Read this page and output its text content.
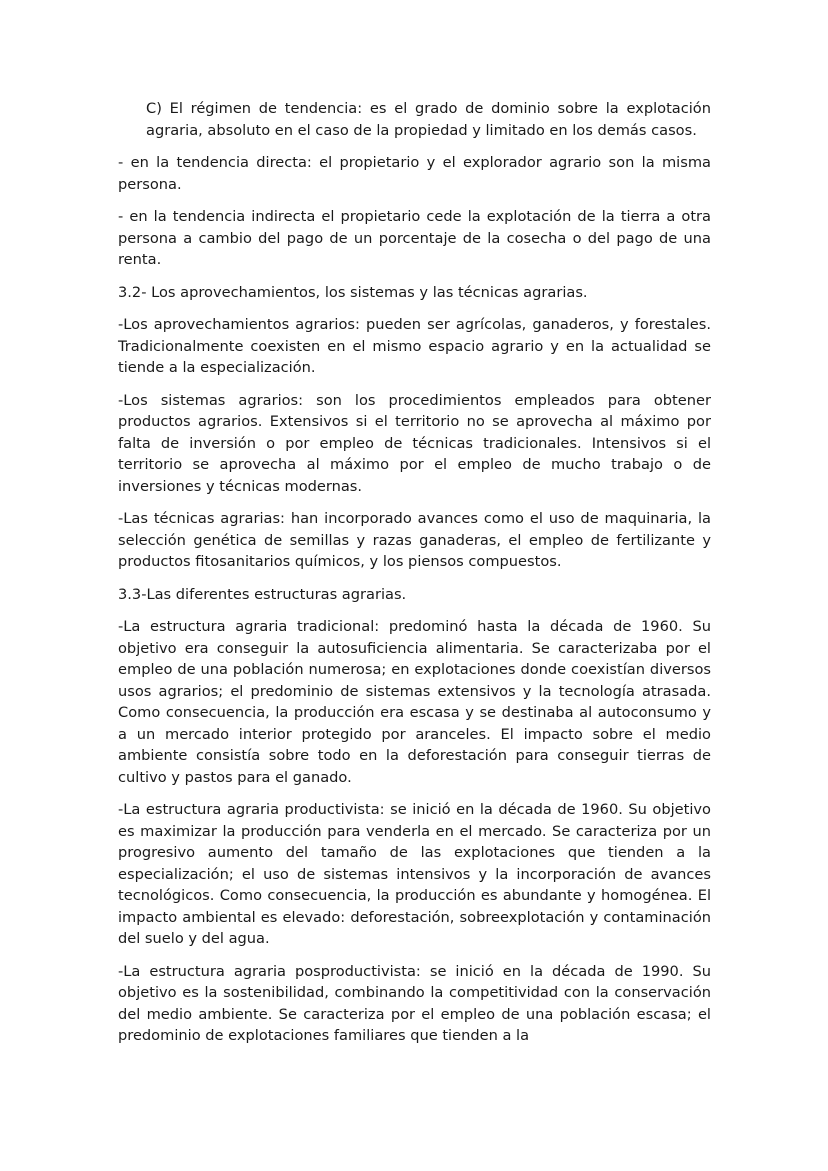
C) El régimen de tendencia: es el grado de dominio sobre la explotación agraria, absoluto en el caso de la propiedad y limitado en los demás casos.

- en la tendencia directa: el propietario y el explorador agrario son la misma persona.

- en la tendencia indirecta el propietario cede la explotación de la tierra a otra persona a cambio del pago de un porcentaje de la cosecha o del pago de una renta.

3.2- Los aprovechamientos, los sistemas y las técnicas agrarias.

-Los aprovechamientos agrarios: pueden ser agrícolas, ganaderos, y forestales. Tradicionalmente coexisten en el mismo espacio agrario y en la actualidad se tiende a la especialización.

-Los sistemas agrarios: son los procedimientos empleados para obtener productos agrarios. Extensivos si el territorio no se aprovecha al máximo por falta de inversión o por empleo de técnicas tradicionales. Intensivos si el territorio se aprovecha al máximo por el empleo de mucho trabajo o de inversiones y técnicas modernas.

-Las técnicas agrarias: han incorporado avances como el uso de maquinaria, la selección genética de semillas y razas ganaderas, el empleo de fertilizante y productos fitosanitarios químicos, y los piensos compuestos.

3.3-Las diferentes estructuras agrarias.

-La estructura agraria tradicional: predominó hasta la década de 1960. Su objetivo era conseguir la autosuficiencia alimentaria. Se caracterizaba por el empleo de una población numerosa; en explotaciones donde coexistían diversos usos agrarios; el predominio de sistemas extensivos y la tecnología atrasada. Como consecuencia, la producción era escasa y se destinaba al autoconsumo y a un mercado interior protegido por aranceles. El impacto sobre el medio ambiente consistía sobre todo en la deforestación para conseguir tierras de cultivo y pastos para el ganado.

-La estructura agraria productivista: se inició en la década de 1960. Su objetivo es maximizar la producción para venderla en el mercado. Se caracteriza por un progresivo aumento del tamaño de las explotaciones que tienden a la especialización; el uso de sistemas intensivos y la incorporación de avances tecnológicos. Como consecuencia, la producción es abundante y homogénea. El impacto ambiental es elevado: deforestación, sobreexplotación y contaminación del suelo y del agua.

-La estructura agraria posproductivista: se inició en la década de 1990. Su objetivo es la sostenibilidad, combinando la competitividad con la conservación del medio ambiente. Se caracteriza por el empleo de una población escasa; el predominio de explotaciones familiares que tienden a la
